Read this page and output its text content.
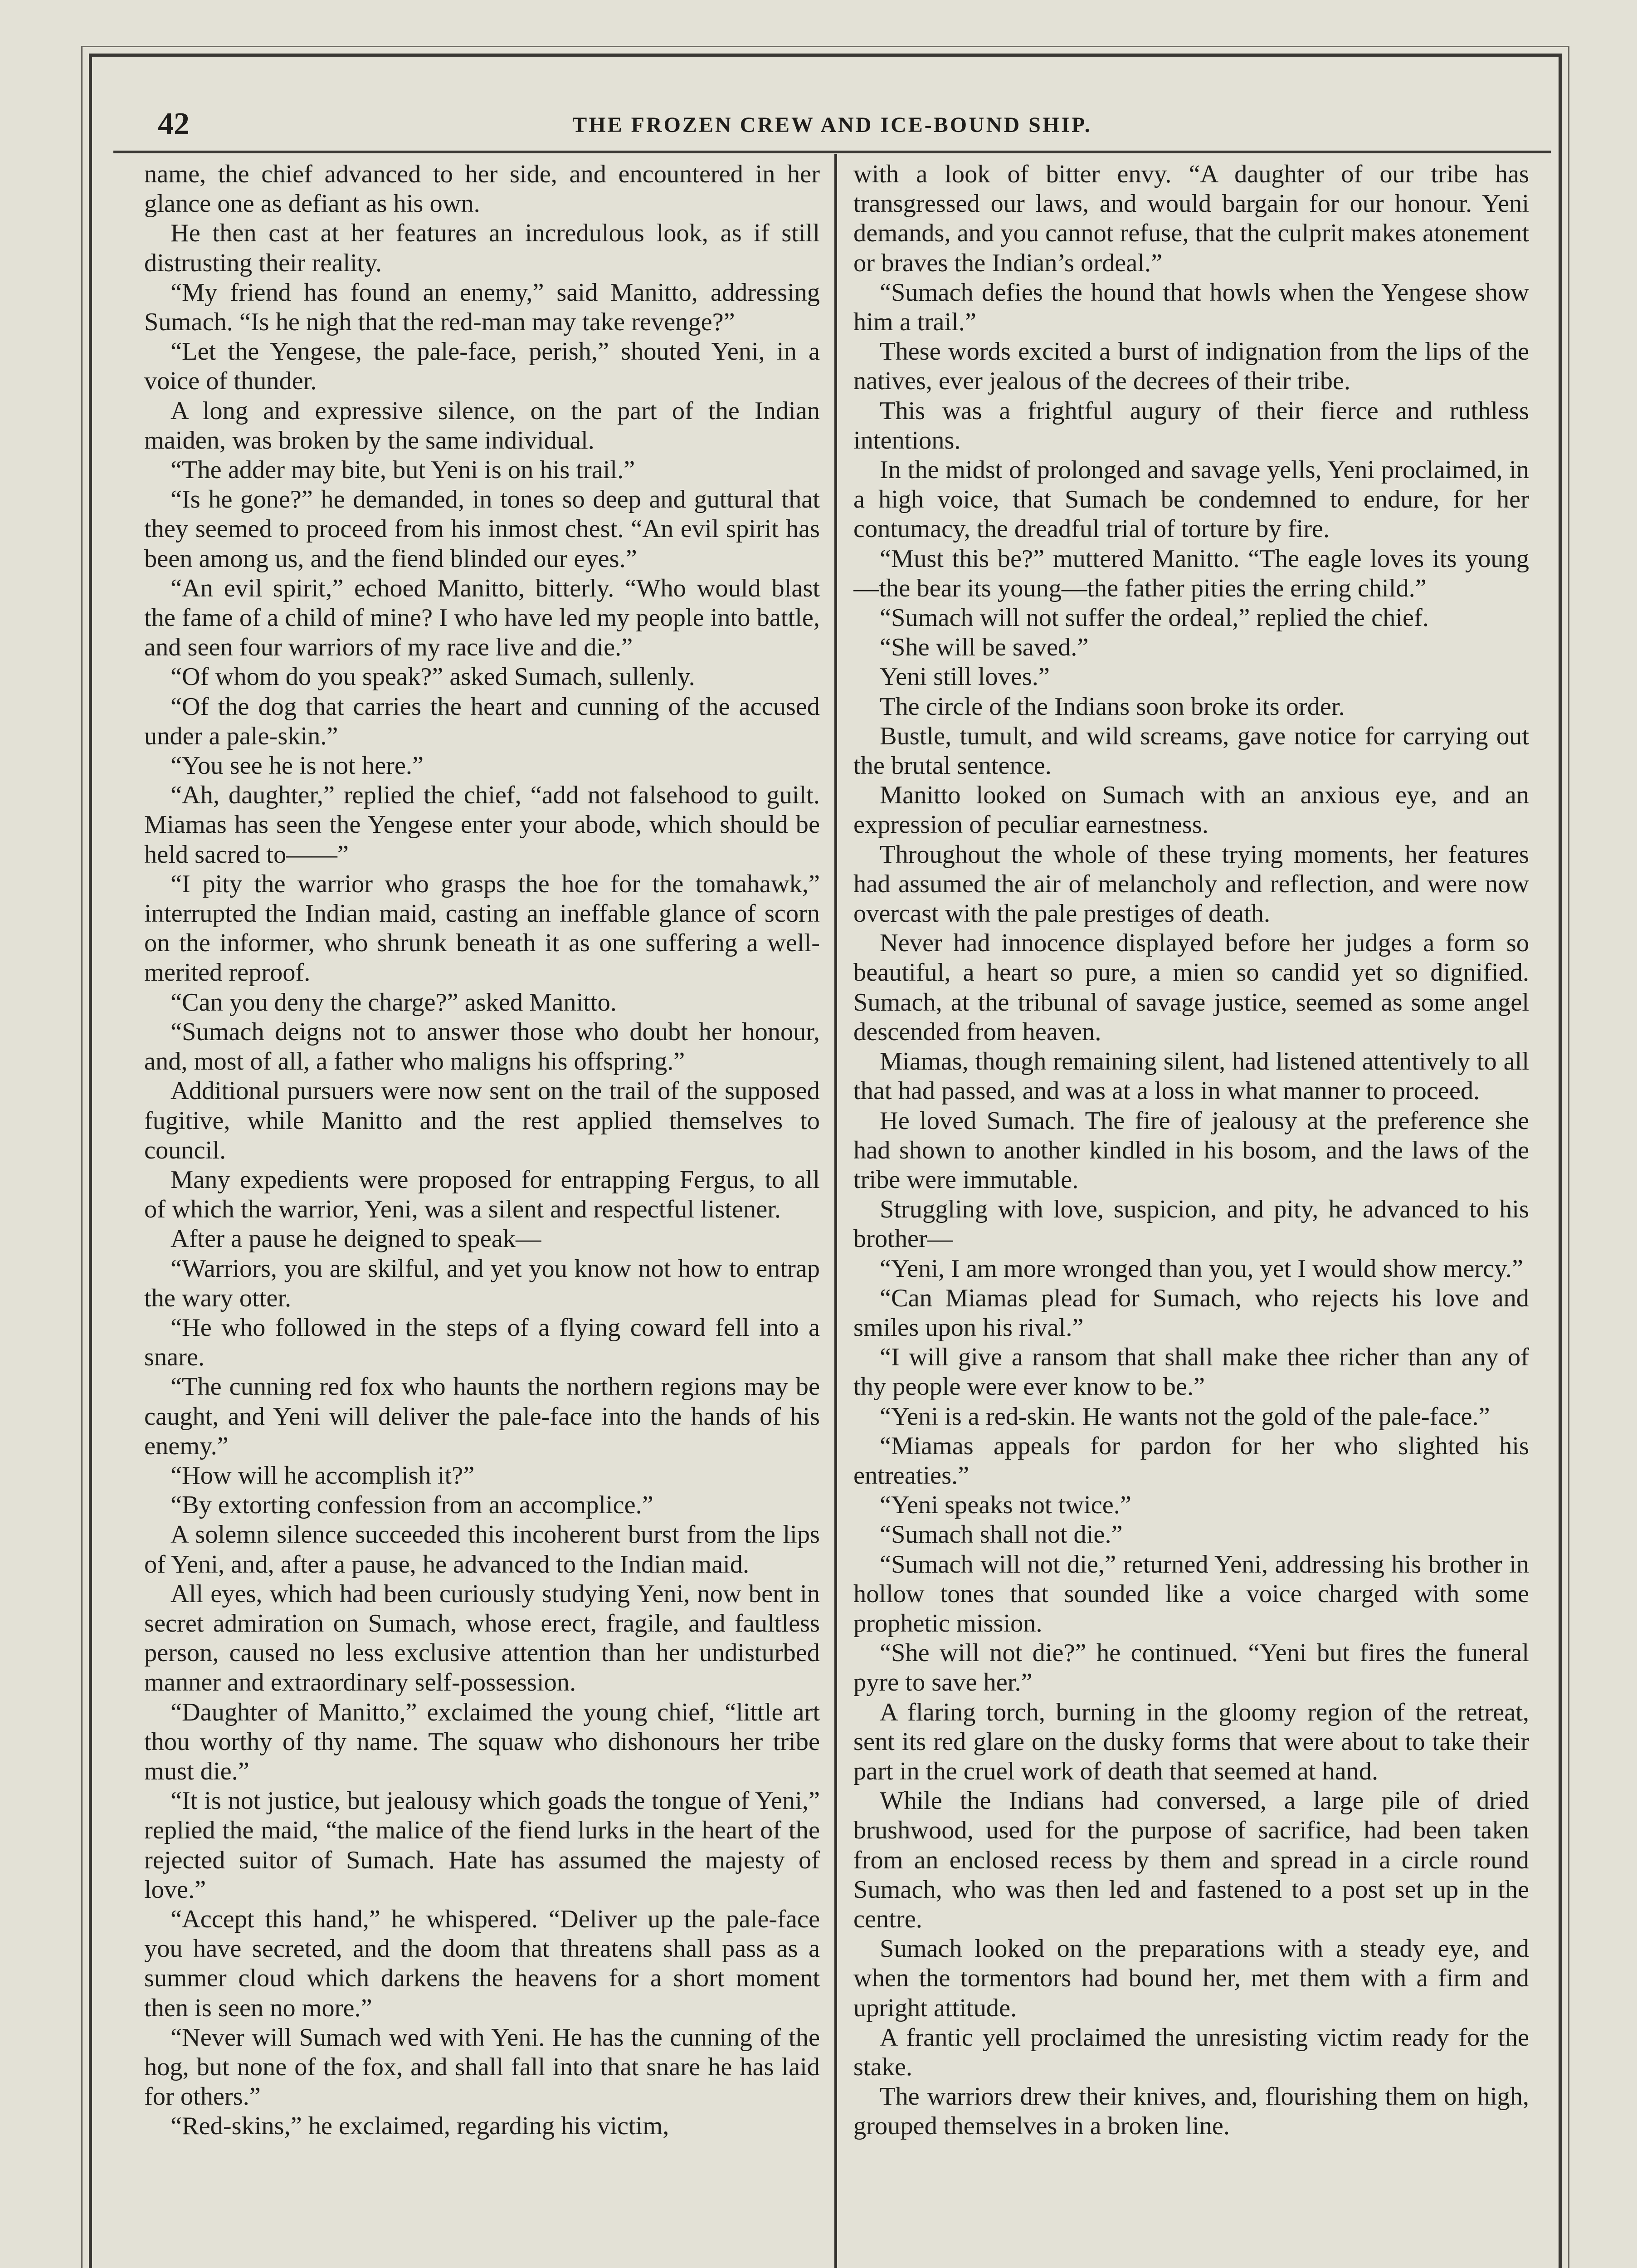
42	THE FROZEN CREW AND ICE-BOUND SHIP.

name, the chief advanced to her side, and encountered in her glance one as defiant as his own.

He then cast at her features an incredulous look, as if still distrusting their reality.

“My friend has found an enemy,” said Manitto, addressing Sumach. “Is he nigh that the red-man may take revenge?”

“Let the Yengese, the pale-face, perish,” shouted Yeni, in a voice of thunder.

A long and expressive silence, on the part of the Indian maiden, was broken by the same individual.

“The adder may bite, but Yeni is on his trail.”

“Is he gone?” he demanded, in tones so deep and guttural that they seemed to proceed from his inmost chest. “An evil spirit has been among us, and the fiend blinded our eyes.”

“An evil spirit,” echoed Manitto, bitterly. “Who would blast the fame of a child of mine? I who have led my people into battle, and seen four warriors of my race live and die.”

“Of whom do you speak?” asked Sumach, sullenly.

“Of the dog that carries the heart and cunning of the accused under a pale-skin.”

“You see he is not here.”

“Ah, daughter,” replied the chief, “add not falsehood to guilt. Miamas has seen the Yengese enter your abode, which should be held sacred to——”

“I pity the warrior who grasps the hoe for the tomahawk,” interrupted the Indian maid, casting an ineffable glance of scorn on the informer, who shrunk beneath it as one suffering a well-merited reproof.

“Can you deny the charge?” asked Manitto.

“Sumach deigns not to answer those who doubt her honour, and, most of all, a father who maligns his offspring.”

Additional pursuers were now sent on the trail of the supposed fugitive, while Manitto and the rest applied themselves to council.

Many expedients were proposed for entrapping Fergus, to all of which the warrior, Yeni, was a silent and respectful listener.

After a pause he deigned to speak—

“Warriors, you are skilful, and yet you know not how to entrap the wary otter.

“He who followed in the steps of a flying coward fell into a snare.

“The cunning red fox who haunts the northern regions may be caught, and Yeni will deliver the pale-face into the hands of his enemy.”

“How will he accomplish it?”

“By extorting confession from an accomplice.”

A solemn silence succeeded this incoherent burst from the lips of Yeni, and, after a pause, he advanced to the Indian maid.

All eyes, which had been curiously studying Yeni, now bent in secret admiration on Sumach, whose erect, fragile, and faultless person, caused no less exclusive attention than her undisturbed manner and extraordinary self-possession.

“Daughter of Manitto,” exclaimed the young chief, “little art thou worthy of thy name. The squaw who dishonours her tribe must die.”

“It is not justice, but jealousy which goads the tongue of Yeni,” replied the maid, “the malice of the fiend lurks in the heart of the rejected suitor of Sumach. Hate has assumed the majesty of love.”

“Accept this hand,” he whispered. “Deliver up the pale-face you have secreted, and the doom that threatens shall pass as a summer cloud which darkens the heavens for a short moment then is seen no more.”

“Never will Sumach wed with Yeni. He has the cunning of the hog, but none of the fox, and shall fall into that snare he has laid for others.”

“Red-skins,” he exclaimed, regarding his victim,

with a look of bitter envy. “A daughter of our tribe has transgressed our laws, and would bargain for our honour. Yeni demands, and you cannot refuse, that the culprit makes atonement or braves the Indian’s ordeal.”

“Sumach defies the hound that howls when the Yengese show him a trail.”

These words excited a burst of indignation from the lips of the natives, ever jealous of the decrees of their tribe.

This was a frightful augury of their fierce and ruthless intentions.

In the midst of prolonged and savage yells, Yeni proclaimed, in a high voice, that Sumach be condemned to endure, for her contumacy, the dreadful trial of torture by fire.

“Must this be?” muttered Manitto. “The eagle loves its young—the bear its young—the father pities the erring child.”

“Sumach will not suffer the ordeal,” replied the chief.

“She will be saved.”

Yeni still loves.”

The circle of the Indians soon broke its order.

Bustle, tumult, and wild screams, gave notice for carrying out the brutal sentence.

Manitto looked on Sumach with an anxious eye, and an expression of peculiar earnestness.

Throughout the whole of these trying moments, her features had assumed the air of melancholy and reflection, and were now overcast with the pale prestiges of death.

Never had innocence displayed before her judges a form so beautiful, a heart so pure, a mien so candid yet so dignified. Sumach, at the tribunal of savage justice, seemed as some angel descended from heaven.

Miamas, though remaining silent, had listened attentively to all that had passed, and was at a loss in what manner to proceed.

He loved Sumach. The fire of jealousy at the preference she had shown to another kindled in his bosom, and the laws of the tribe were immutable.

Struggling with love, suspicion, and pity, he advanced to his brother—

“Yeni, I am more wronged than you, yet I would show mercy.”

“Can Miamas plead for Sumach, who rejects his love and smiles upon his rival.”

“I will give a ransom that shall make thee richer than any of thy people were ever know to be.”

“Yeni is a red-skin. He wants not the gold of the pale-face.”

“Miamas appeals for pardon for her who slighted his entreaties.”

“Yeni speaks not twice.”

“Sumach shall not die.”

“Sumach will not die,” returned Yeni, addressing his brother in hollow tones that sounded like a voice charged with some prophetic mission.

“She will not die?” he continued. “Yeni but fires the funeral pyre to save her.”

A flaring torch, burning in the gloomy region of the retreat, sent its red glare on the dusky forms that were about to take their part in the cruel work of death that seemed at hand.

While the Indians had conversed, a large pile of dried brushwood, used for the purpose of sacrifice, had been taken from an enclosed recess by them and spread in a circle round Sumach, who was then led and fastened to a post set up in the centre.

Sumach looked on the preparations with a steady eye, and when the tormentors had bound her, met them with a firm and upright attitude.

A frantic yell proclaimed the unresisting victim ready for the stake.

The warriors drew their knives, and, flourishing them on high, grouped themselves in a broken line.
